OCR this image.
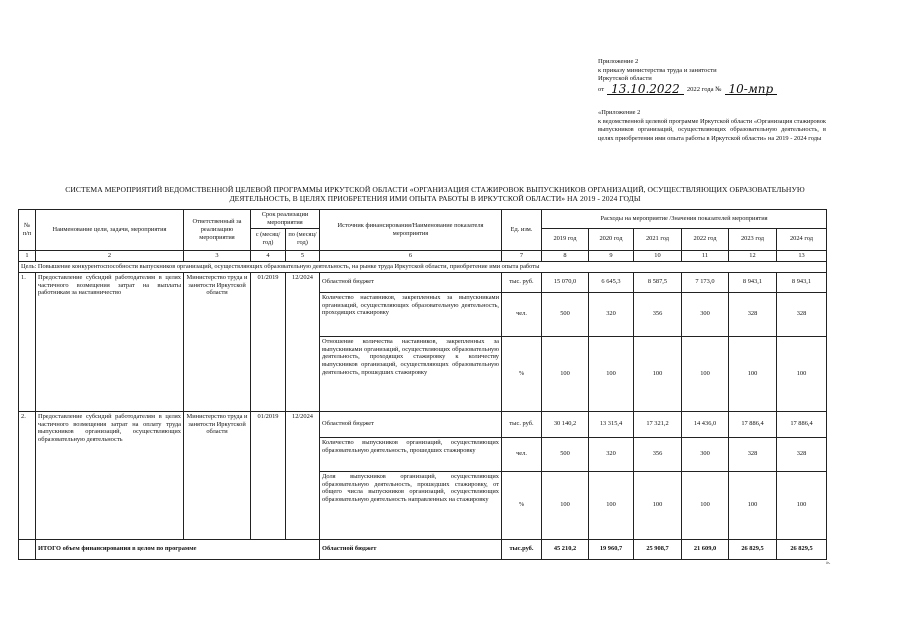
Приложение 2
к приказу министерства труда и занятости
Иркутской области
от 13.10.2022	2022 года № 10-мпр
«Приложение 2
к ведомственной целевой программе Иркутской области «Организация стажировок выпускников организаций, осуществляющих образовательную деятельность, в целях приобретения ими опыта работы в Иркутской области» на 2019 - 2024 годы
СИСТЕМА МЕРОПРИЯТИЙ ВЕДОМСТВЕННОЙ ЦЕЛЕВОЙ ПРОГРАММЫ ИРКУТСКОЙ ОБЛАСТИ «ОРГАНИЗАЦИЯ СТАЖИРОВОК ВЫПУСКНИКОВ ОРГАНИЗАЦИЙ, ОСУЩЕСТВЛЯЮЩИХ ОБРАЗОВАТЕЛЬНУЮ
ДЕЯТЕЛЬНОСТЬ, В ЦЕЛЯХ ПРИОБРЕТЕНИЯ ИМИ ОПЫТА РАБОТЫ В ИРКУТСКОЙ ОБЛАСТИ» НА 2019 - 2024 ГОДЫ
№ п/п	Наименование цели, задачи, мероприятия	Ответственный за реализацию мероприятия	Срок реализации мероприятия		Источник финансирования/Наименование показателя мероприятия	Ед. изм.	Расходы на мероприятие /Значения показателей мероприятия					
			с (месяц/год)	по (месяц/год)			2019 год	2020 год	2021 год	2022 год	2023 год	2024 год
1	2	3	4	5	6	7	8	9	10	11	12	13
Цель: Повышение конкурентоспособности выпускников организаций, осуществляющих образовательную деятельность, на рынке труда Иркутской области, приобретение ими опыта работы												
1.	Предоставление субсидий работодателям в целях частичного возмещения затрат на выплаты работникам за наставничество	Министерство труда и занятости Иркутской области	01/2019	12/2024	Областной бюджет	тыс. руб.	15 070,0	6 645,3	8 587,5	7 173,0	8 943,1	8 943,1
					Количество наставников, закрепленных за выпускниками организаций, осуществляющих образовательную деятельность, проходящих стажировку	чел.	500	320	356	300	328	328
					Отношение количества наставников, закрепленных за выпускниками организаций, осуществляющих образовательную деятельность, проходящих стажировку к количеству выпускников организаций, осуществляющих образовательную деятельность, прошедших стажировку	%	100	100	100	100	100	100
2.	Предоставление субсидий работодателям в целях частичного возмещения затрат на оплату труда выпускников организаций, осуществляющих образовательную деятельность	Министерство труда и занятости Иркутской области	01/2019	12/2024	Областной бюджет	тыс. руб.	30 140,2	13 315,4	17 321,2	14 436,0	17 886,4	17 886,4
					Количество выпускников организаций, осуществляющих образовательную деятельность, прошедших стажировку	чел.	500	320	356	300	328	328
					Доля выпускников организаций, осуществляющих образовательную деятельность, прошедших стажировку, от общего числа выпускников организаций, осуществляющих образовательную деятельность направленных на стажировку	%	100	100	100	100	100	100
	ИТОГО объем финансирования в целом по программе				Областной бюджет	тыс.руб.	45 210,2	19 960,7	25 908,7	21 609,0	26 829,5	26 829,5
».
